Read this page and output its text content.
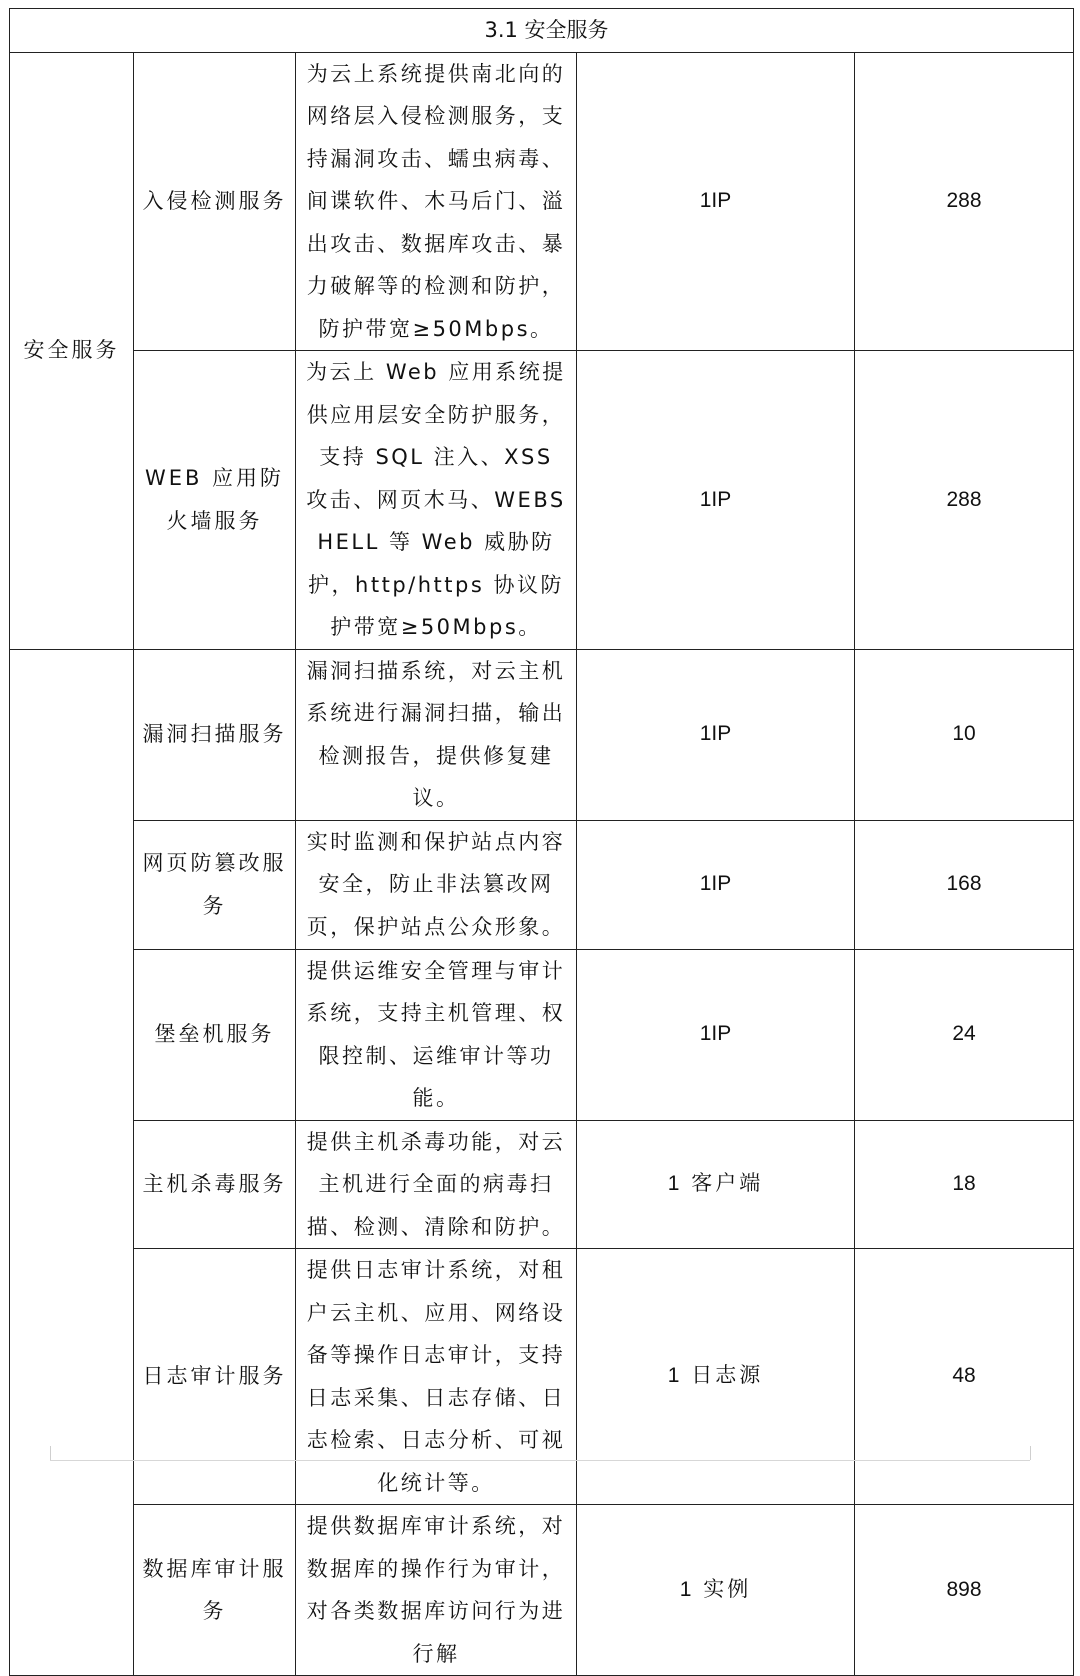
3.1 安全服务				
安全服务	入侵检测服务	为云上系统提供南北向的网络层入侵检测服务，支持漏洞攻击、蠕虫病毒、间谍软件、木马后门、溢出攻击、数据库攻击、暴力破解等的检测和防护，防护带宽≥50Mbps。	1IP	288
	WEB 应用防火墙服务	为云上 Web 应用系统提供应用层安全防护服务，支持 SQL 注入、XSS 攻击、网页木马、WEBSHELL 等 Web 威胁防护，http/https 协议防护带宽≥50Mbps。	1IP	288
	漏洞扫描服务	漏洞扫描系统，对云主机系统进行漏洞扫描，输出检测报告，提供修复建议。	1IP	10
	网页防篡改服务	实时监测和保护站点内容安全，防止非法篡改网页，保护站点公众形象。	1IP	168
	堡垒机服务	提供运维安全管理与审计系统，支持主机管理、权限控制、运维审计等功能。	1IP	24
	主机杀毒服务	提供主机杀毒功能，对云主机进行全面的病毒扫描、检测、清除和防护。	1 客户端	18
	日志审计服务	提供日志审计系统，对租户云主机、应用、网络设备等操作日志审计，支持日志采集、日志存储、日志检索、日志分析、可视化统计等。	1 日志源	48
	数据库审计服务	提供数据库审计系统，对数据库的操作行为审计，对各类数据库访问行为进行解	1 实例	898
